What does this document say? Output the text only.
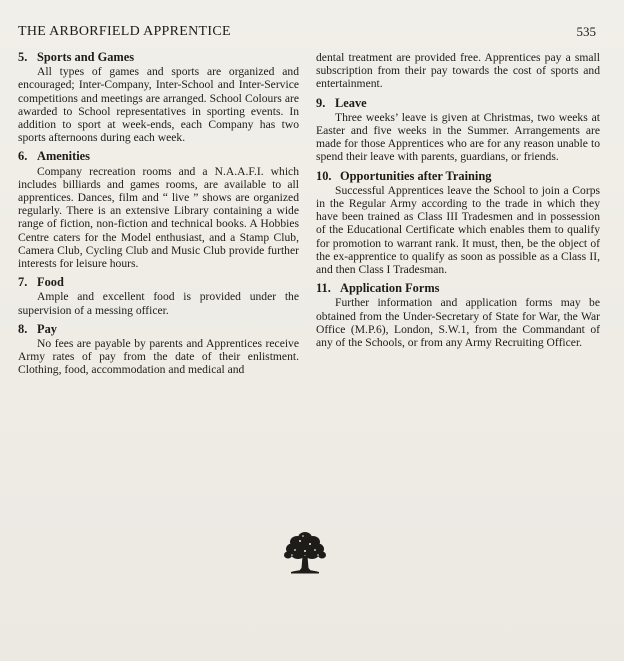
THE ARBORFIELD APPRENTICE	535
5. Sports and Games

All types of games and sports are organized and encouraged; Inter-Company, Inter-School and Inter-Service competitions and meetings are arranged. School Colours are awarded to School representatives in sporting events. In addition to sport at week-ends, each Company has two sports afternoons during each week.

6. Amenities

Company recreation rooms and a N.A.A.F.I. which includes billiards and games rooms, are available to all apprentices. Dances, film and “ live ” shows are organized regularly. There is an extensive Library containing a wide range of fiction, non-fiction and technical books. A Hobbies Centre caters for the Model enthusiast, and a Stamp Club, Camera Club, Cycling Club and Music Club provide further interests for leisure hours.

7. Food

Ample and excellent food is provided under the supervision of a messing officer.

8. Pay

No fees are payable by parents and Apprentices receive Army rates of pay from the date of their enlistment. Clothing, food, accommodation and medical and

dental treatment are provided free. Apprentices pay a small subscription from their pay towards the cost of sports and entertainment.

9. Leave

Three weeks’ leave is given at Christmas, two weeks at Easter and five weeks in the Summer. Arrangements are made for those Apprentices who are for any reason unable to spend their leave with parents, guardians, or friends.

10. Opportunities after Training

Successful Apprentices leave the School to join a Corps in the Regular Army according to the trade in which they have been trained as Class III Tradesmen and in possession of the Educational Certificate which enables them to qualify for promotion to warrant rank. It must, then, be the object of the ex-apprentice to qualify as soon as possible as a Class II, and then Class I Tradesman.

11. Application Forms

Further information and application forms may be obtained from the Under-Secretary of State for War, the War Office (M.P.6), London, S.W.1, from the Commandant of any of the Schools, or from any Army Recruiting Officer.
